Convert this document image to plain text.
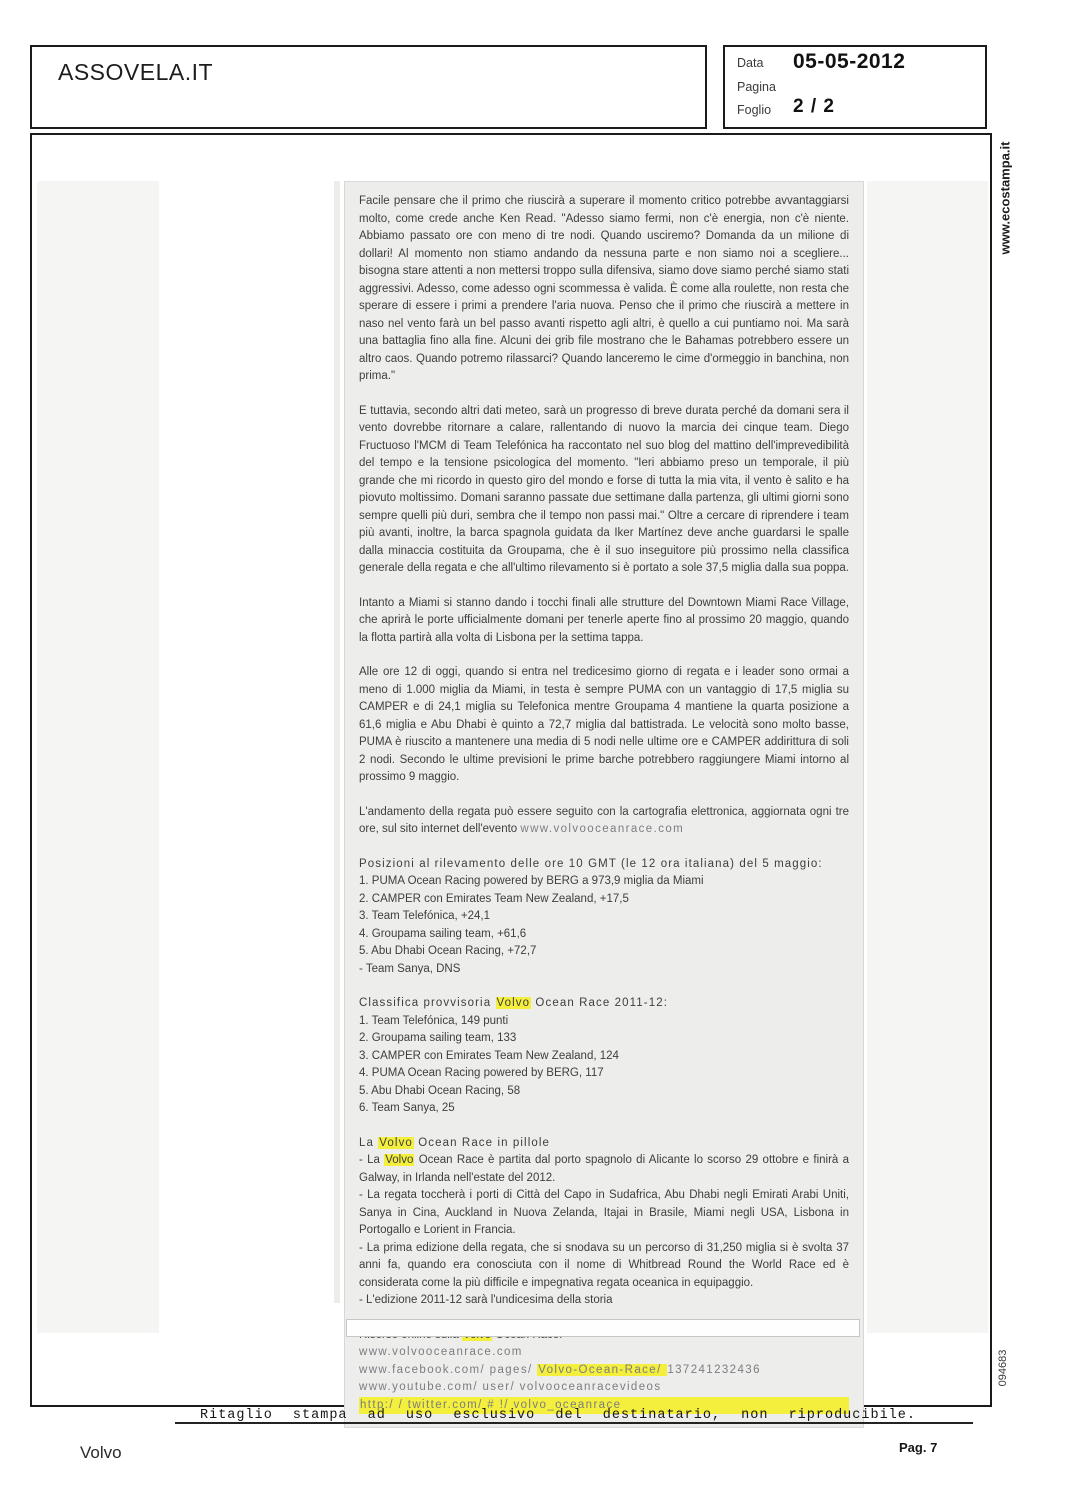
ASSOVELA.IT	Data 05-05-2012
Pagina
Foglio 2 / 2

Facile pensare che il primo che riuscirà a superare il momento critico potrebbe avvantaggiarsi molto, come crede anche Ken Read. "Adesso siamo fermi, non c'è energia, non c'è niente. Abbiamo passato ore con meno di tre nodi. Quando usciremo? Domanda da un milione di dollari! Al momento non stiamo andando da nessuna parte e non siamo noi a scegliere... bisogna stare attenti a non mettersi troppo sulla difensiva, siamo dove siamo perché siamo stati aggressivi. Adesso, come adesso ogni scommessa è valida. È come alla roulette, non resta che sperare di essere i primi a prendere l'aria nuova. Penso che il primo che riuscirà a mettere in naso nel vento farà un bel passo avanti rispetto agli altri, è quello a cui puntiamo noi. Ma sarà una battaglia fino alla fine. Alcuni dei grib file mostrano che le Bahamas potrebbero essere un altro caos. Quando potremo rilassarci? Quando lanceremo le cime d'ormeggio in banchina, non prima."

E tuttavia, secondo altri dati meteo, sarà un progresso di breve durata perché da domani sera il vento dovrebbe ritornare a calare, rallentando di nuovo la marcia dei cinque team. Diego Fructuoso l'MCM di Team Telefónica ha raccontato nel suo blog del mattino dell'imprevedibilità del tempo e la tensione psicologica del momento. "Ieri abbiamo preso un temporale, il più grande che mi ricordo in questo giro del mondo e forse di tutta la mia vita, il vento è salito e ha piovuto moltissimo. Domani saranno passate due settimane dalla partenza, gli ultimi giorni sono sempre quelli più duri, sembra che il tempo non passi mai." Oltre a cercare di riprendere i team più avanti, inoltre, la barca spagnola guidata da Iker Martínez deve anche guardarsi le spalle dalla minaccia costituita da Groupama, che è il suo inseguitore più prossimo nella classifica generale della regata e che all'ultimo rilevamento si è portato a sole 37,5 miglia dalla sua poppa.

Intanto a Miami si stanno dando i tocchi finali alle strutture del Downtown Miami Race Village, che aprirà le porte ufficialmente domani per tenerle aperte fino al prossimo 20 maggio, quando la flotta partirà alla volta di Lisbona per la settima tappa.

Alle ore 12 di oggi, quando si entra nel tredicesimo giorno di regata e i leader sono ormai a meno di 1.000 miglia da Miami, in testa è sempre PUMA con un vantaggio di 17,5 miglia su CAMPER e di 24,1 miglia su Telefonica mentre Groupama 4 mantiene la quarta posizione a 61,6 miglia e Abu Dhabi è quinto a 72,7 miglia dal battistrada. Le velocità sono molto basse, PUMA è riuscito a mantenere una media di 5 nodi nelle ultime ore e CAMPER addirittura di soli 2 nodi. Secondo le ultime previsioni le prime barche potrebbero raggiungere Miami intorno al prossimo 9 maggio.

L'andamento della regata può essere seguito con la cartografia elettronica, aggiornata ogni tre ore, sul sito internet dell'evento www.volvooceanrace.com

Posizioni al rilevamento delle ore 10 GMT (le 12 ora italiana) del 5 maggio:
1. PUMA Ocean Racing powered by BERG a 973,9 miglia da Miami
2. CAMPER con Emirates Team New Zealand, +17,5
3. Team Telefónica, +24,1
4. Groupama sailing team, +61,6
5. Abu Dhabi Ocean Racing, +72,7
- Team Sanya, DNS
Classifica provvisoria Volvo Ocean Race 2011-12:
1. Team Telefónica, 149 punti
2. Groupama sailing team, 133
3. CAMPER con Emirates Team New Zealand, 124
4. PUMA Ocean Racing powered by BERG, 117
5. Abu Dhabi Ocean Racing, 58
6. Team Sanya, 25
La Volvo Ocean Race in pillole

- La Volvo Ocean Race è partita dal porto spagnolo di Alicante lo scorso 29 ottobre e finirà a Galway, in Irlanda nell'estate del 2012.

- La regata toccherà i porti di Città del Capo in Sudafrica, Abu Dhabi negli Emirati Arabi Uniti, Sanya in Cina, Auckland in Nuova Zelanda, Itajai in Brasile, Miami negli USA, Lisbona in Portogallo e Lorient in Francia.

- La prima edizione della regata, che si snodava su un percorso di 31,250 miglia si è svolta 37 anni fa, quando era conosciuta con il nome di Whitbread Round the World Race ed è considerata come la più difficile e impegnativa regata oceanica in equipaggio.

- L'edizione 2011-12 sarà l'undicesima della storia

www.volvooceanrace.com
www.facebook.com/ pages/ Volvo-Ocean-Race/ 137241232436
www.youtube.com/ user/ volvooceanracevideos
http:/ / twitter.com/ # !/ volvo_oceanrace
Ritaglio stampa ad uso esclusivo del destinatario, non riproducibile.
Volvo	Pag. 7
www.ecostampa.it
094683
